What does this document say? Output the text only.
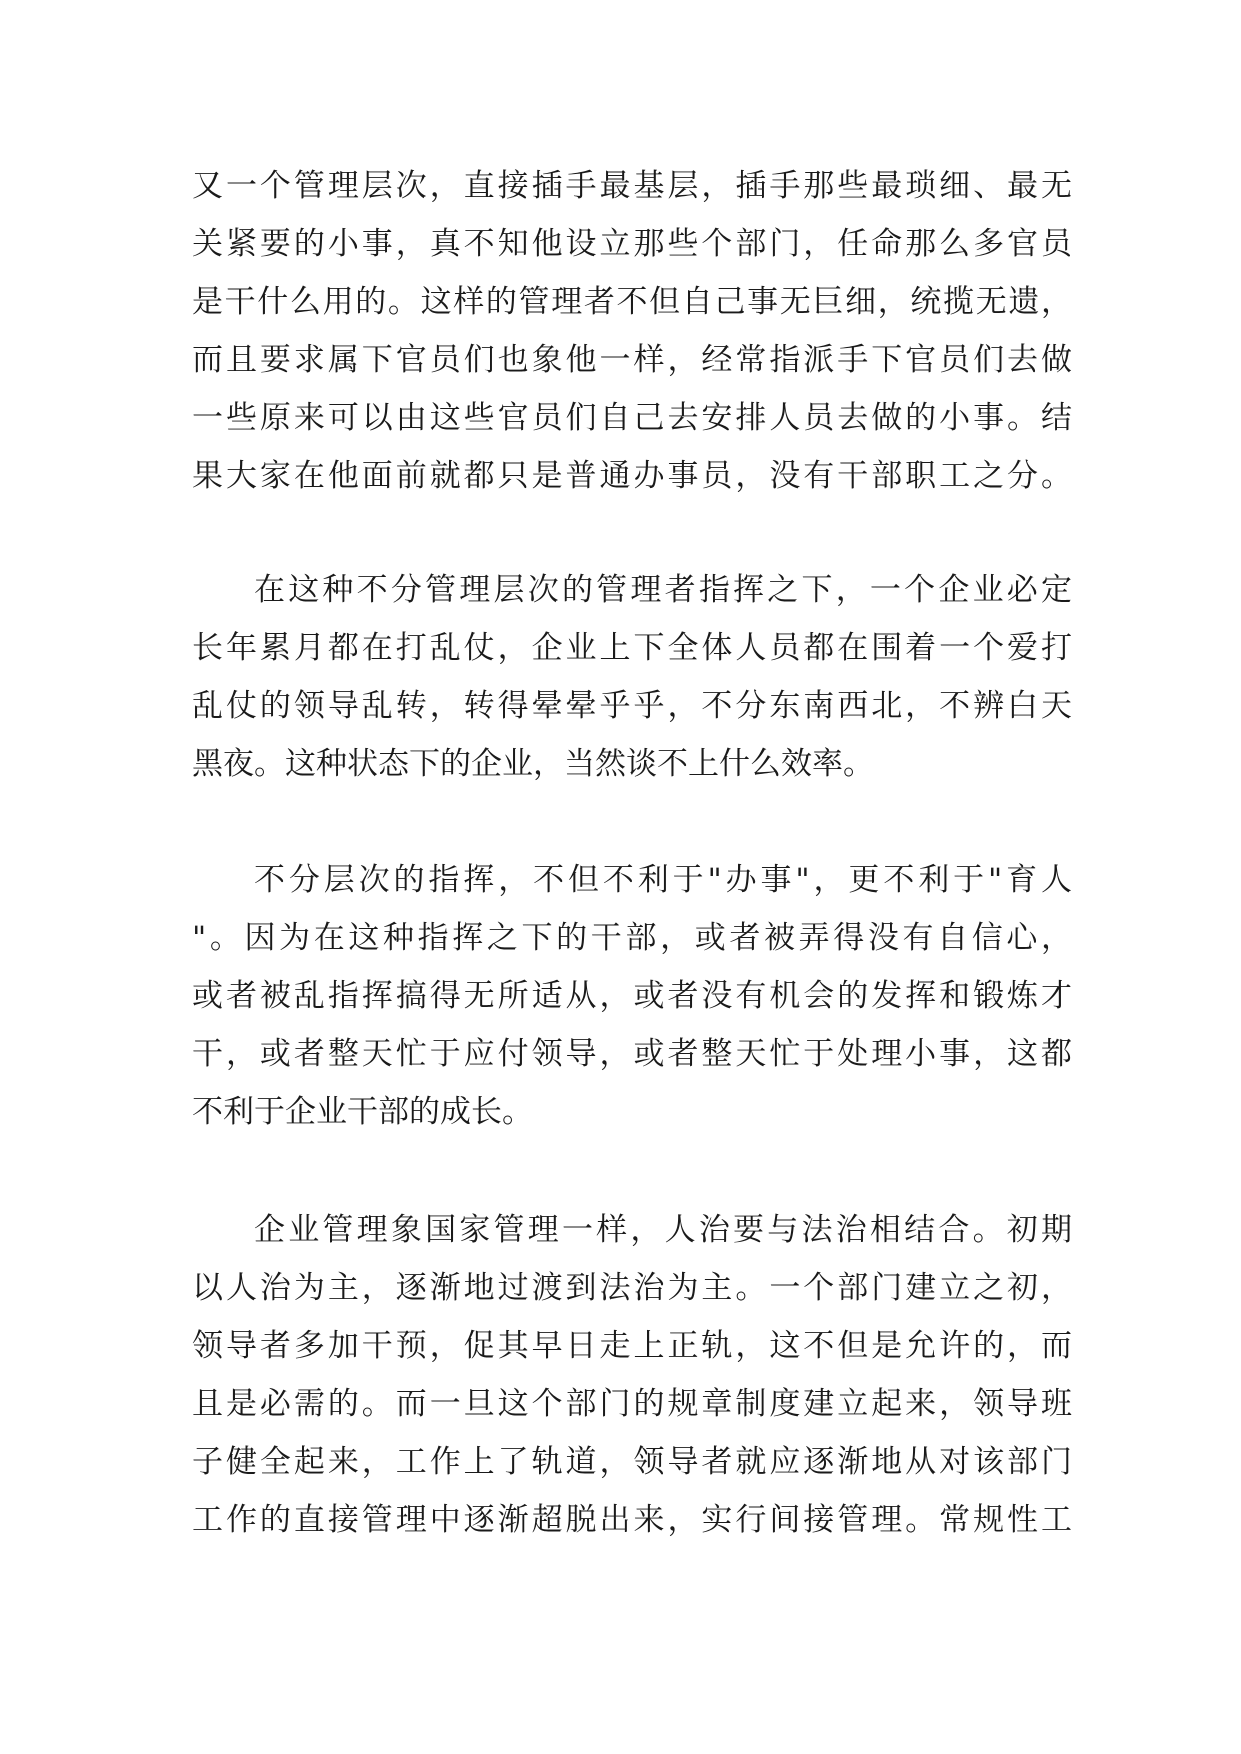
又一个管理层次，直接插手最基层，插手那些最琐细、最无
关紧要的小事，真不知他设立那些个部门，任命那么多官员
是干什么用的。这样的管理者不但自己事无巨细，统揽无遗，
而且要求属下官员们也象他一样，经常指派手下官员们去做
一些原来可以由这些官员们自己去安排人员去做的小事。结
果大家在他面前就都只是普通办事员，没有干部职工之分。
在这种不分管理层次的管理者指挥之下，一个企业必定
长年累月都在打乱仗，企业上下全体人员都在围着一个爱打
乱仗的领导乱转，转得晕晕乎乎，不分东南西北，不辨白天
黑夜。这种状态下的企业，当然谈不上什么效率。
不分层次的指挥，不但不利于"办事"，更不利于"育人
"。因为在这种指挥之下的干部，或者被弄得没有自信心，
或者被乱指挥搞得无所适从，或者没有机会的发挥和锻炼才
干，或者整天忙于应付领导，或者整天忙于处理小事，这都
不利于企业干部的成长。
企业管理象国家管理一样，人治要与法治相结合。初期
以人治为主，逐渐地过渡到法治为主。一个部门建立之初，
领导者多加干预，促其早日走上正轨，这不但是允许的，而
且是必需的。而一旦这个部门的规章制度建立起来，领导班
子健全起来，工作上了轨道，领导者就应逐渐地从对该部门
工作的直接管理中逐渐超脱出来，实行间接管理。常规性工
